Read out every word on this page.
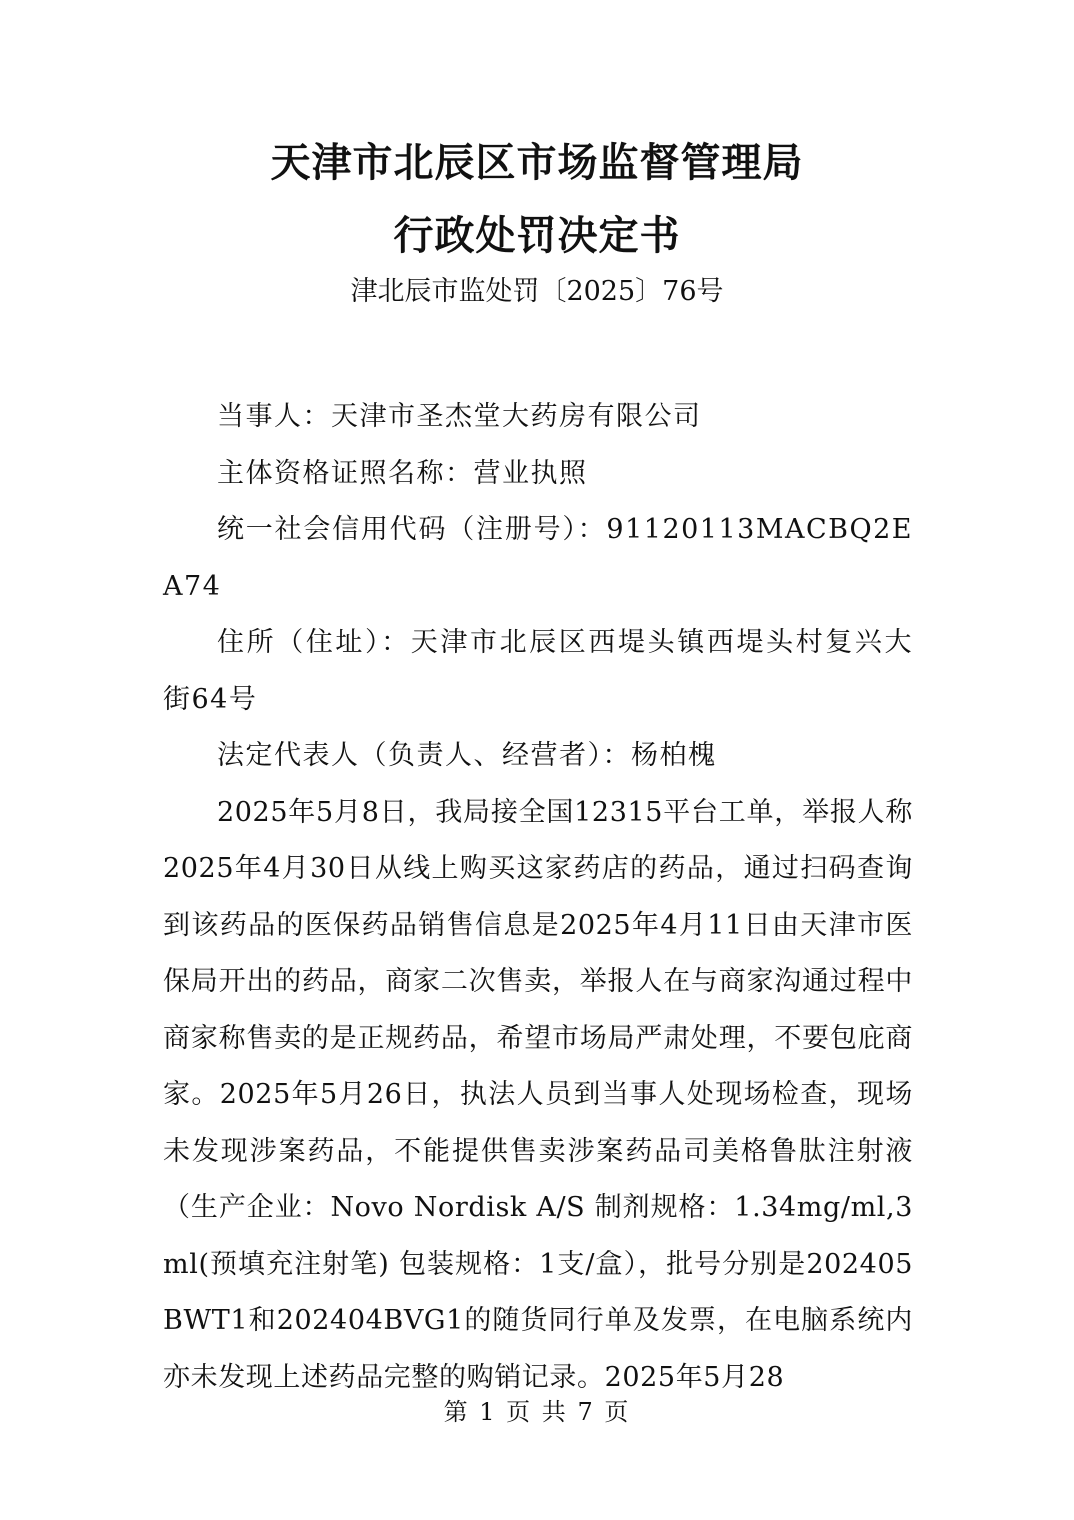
天津市北辰区市场监督管理局
行政处罚决定书
津北辰市监处罚〔2025〕76号

当事人：天津市圣杰堂大药房有限公司

主体资格证照名称：营业执照

统一社会信用代码（注册号）：91120113MACBQ2EA74

住所（住址）：天津市北辰区西堤头镇西堤头村复兴大街64号

法定代表人（负责人、经营者）：杨柏槐

2025年5月8日，我局接全国12315平台工单，举报人称2025年4月30日从线上购买这家药店的药品，通过扫码查询到该药品的医保药品销售信息是2025年4月11日由天津市医保局开出的药品，商家二次售卖，举报人在与商家沟通过程中商家称售卖的是正规药品，希望市场局严肃处理，不要包庇商家。2025年5月26日，执法人员到当事人处现场检查，现场未发现涉案药品，不能提供售卖涉案药品司美格鲁肽注射液（生产企业：Novo Nordisk A/S 制剂规格：1.34mg/ml,3ml(预填充注射笔) 包装规格：1支/盒），批号分别是202405BWT1和202404BVG1的随货同行单及发票，在电脑系统内亦未发现上述药品完整的购销记录。2025年5月28

第 1 页 共 7 页
